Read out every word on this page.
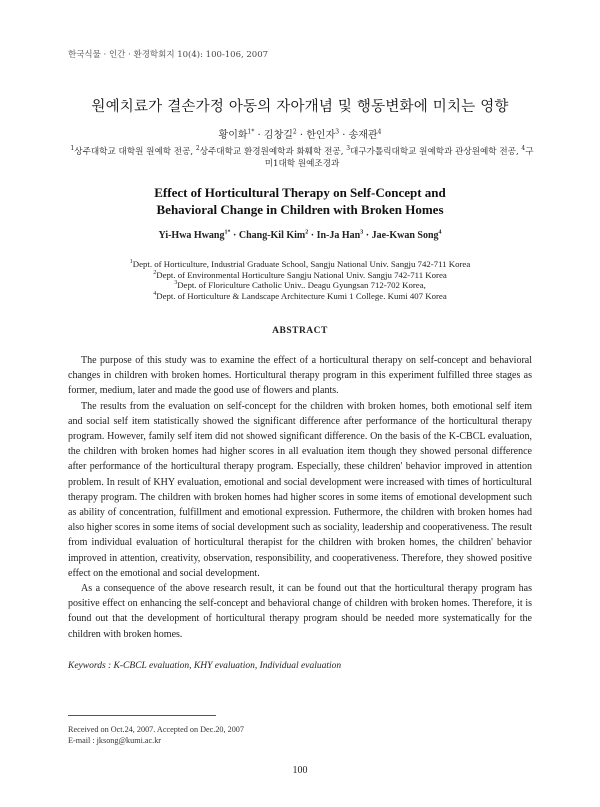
한국식물 · 인간 · 환경학회지 10(4): 100-106, 2007
원예치료가 결손가정 아동의 자아개념 및 행동변화에 미치는 영향
황이화$^{1*}$ · 김창길$^2$ · 한인자$^3$ · 송재관$^4$
$^1$상주대학교 대학원 원예학 전공, $^2$상주대학교 환경원예학과 화훼학 전공, $^3$대구가톨릭대학교 원예학과 관상원예학 전공, $^4$구미1대학 원예조경과
Effect of Horticultural Therapy on Self-Concept and
Behavioral Change in Children with Broken Homes
Yi-Hwa Hwang$^{1*}$ · Chang-Kil Kim$^2$ · In-Ja Han$^3$ · Jae-Kwan Song$^4$
$^1$Dept. of Horticulture, Industrial Graduate School, Sangju National Univ. Sangju 742-711 Korea
$^2$Dept. of Environmental Horticulture Sangju National Univ. Sangju 742-711 Korea
$^3$Dept. of Floriculture Catholic Univ.. Deagu Gyungsan 712-702 Korea,
$^4$Dept. of Horticulture & Landscape Architecture Kumi 1 College. Kumi 407 Korea
ABSTRACT

The purpose of this study was to examine the effect of a horticultural therapy on self-concept and behavioral changes in children with broken homes. Horticultural therapy program in this experiment fulfilled three stages as former, medium, later and made the good use of flowers and plants.

The results from the evaluation on self-concept for the children with broken homes, both emotional self item and social self item statistically showed the significant difference after performance of the horticultural therapy program. However, family self item did not showed significant difference. On the basis of the K-CBCL evaluation, the children with broken homes had higher scores in all evaluation item though they showed personal difference after performance of the horticultural therapy program. Especially, these children' behavior improved in attention problem. In result of KHY evaluation, emotional and social development were increased with times of horticultural therapy program. The children with broken homes had higher scores in some items of emotional development such as ability of concentration, fulfillment and emotional expression. Futhermore, the children with broken homes had also higher scores in some items of social development such as sociality, leadership and cooperativeness. The result from individual evaluation of horticultural therapist for the children with broken homes, the children' behavior improved in attention, creativity, observation, responsibility, and cooperativeness. Therefore, they showed positive effect on the emotional and social development.

As a consequence of the above research result, it can be found out that the horticultural therapy program has positive effect on enhancing the self-concept and behavioral change of children with broken homes. Therefore, it is found out that the development of horticultural therapy program should be needed more systematically for the children with broken homes.

Keywords : K-CBCL evaluation, KHY evaluation, Individual evaluation
Received on Oct.24, 2007. Accepted on Dec.20, 2007
E-mail : jksong@kumi.ac.kr
100
